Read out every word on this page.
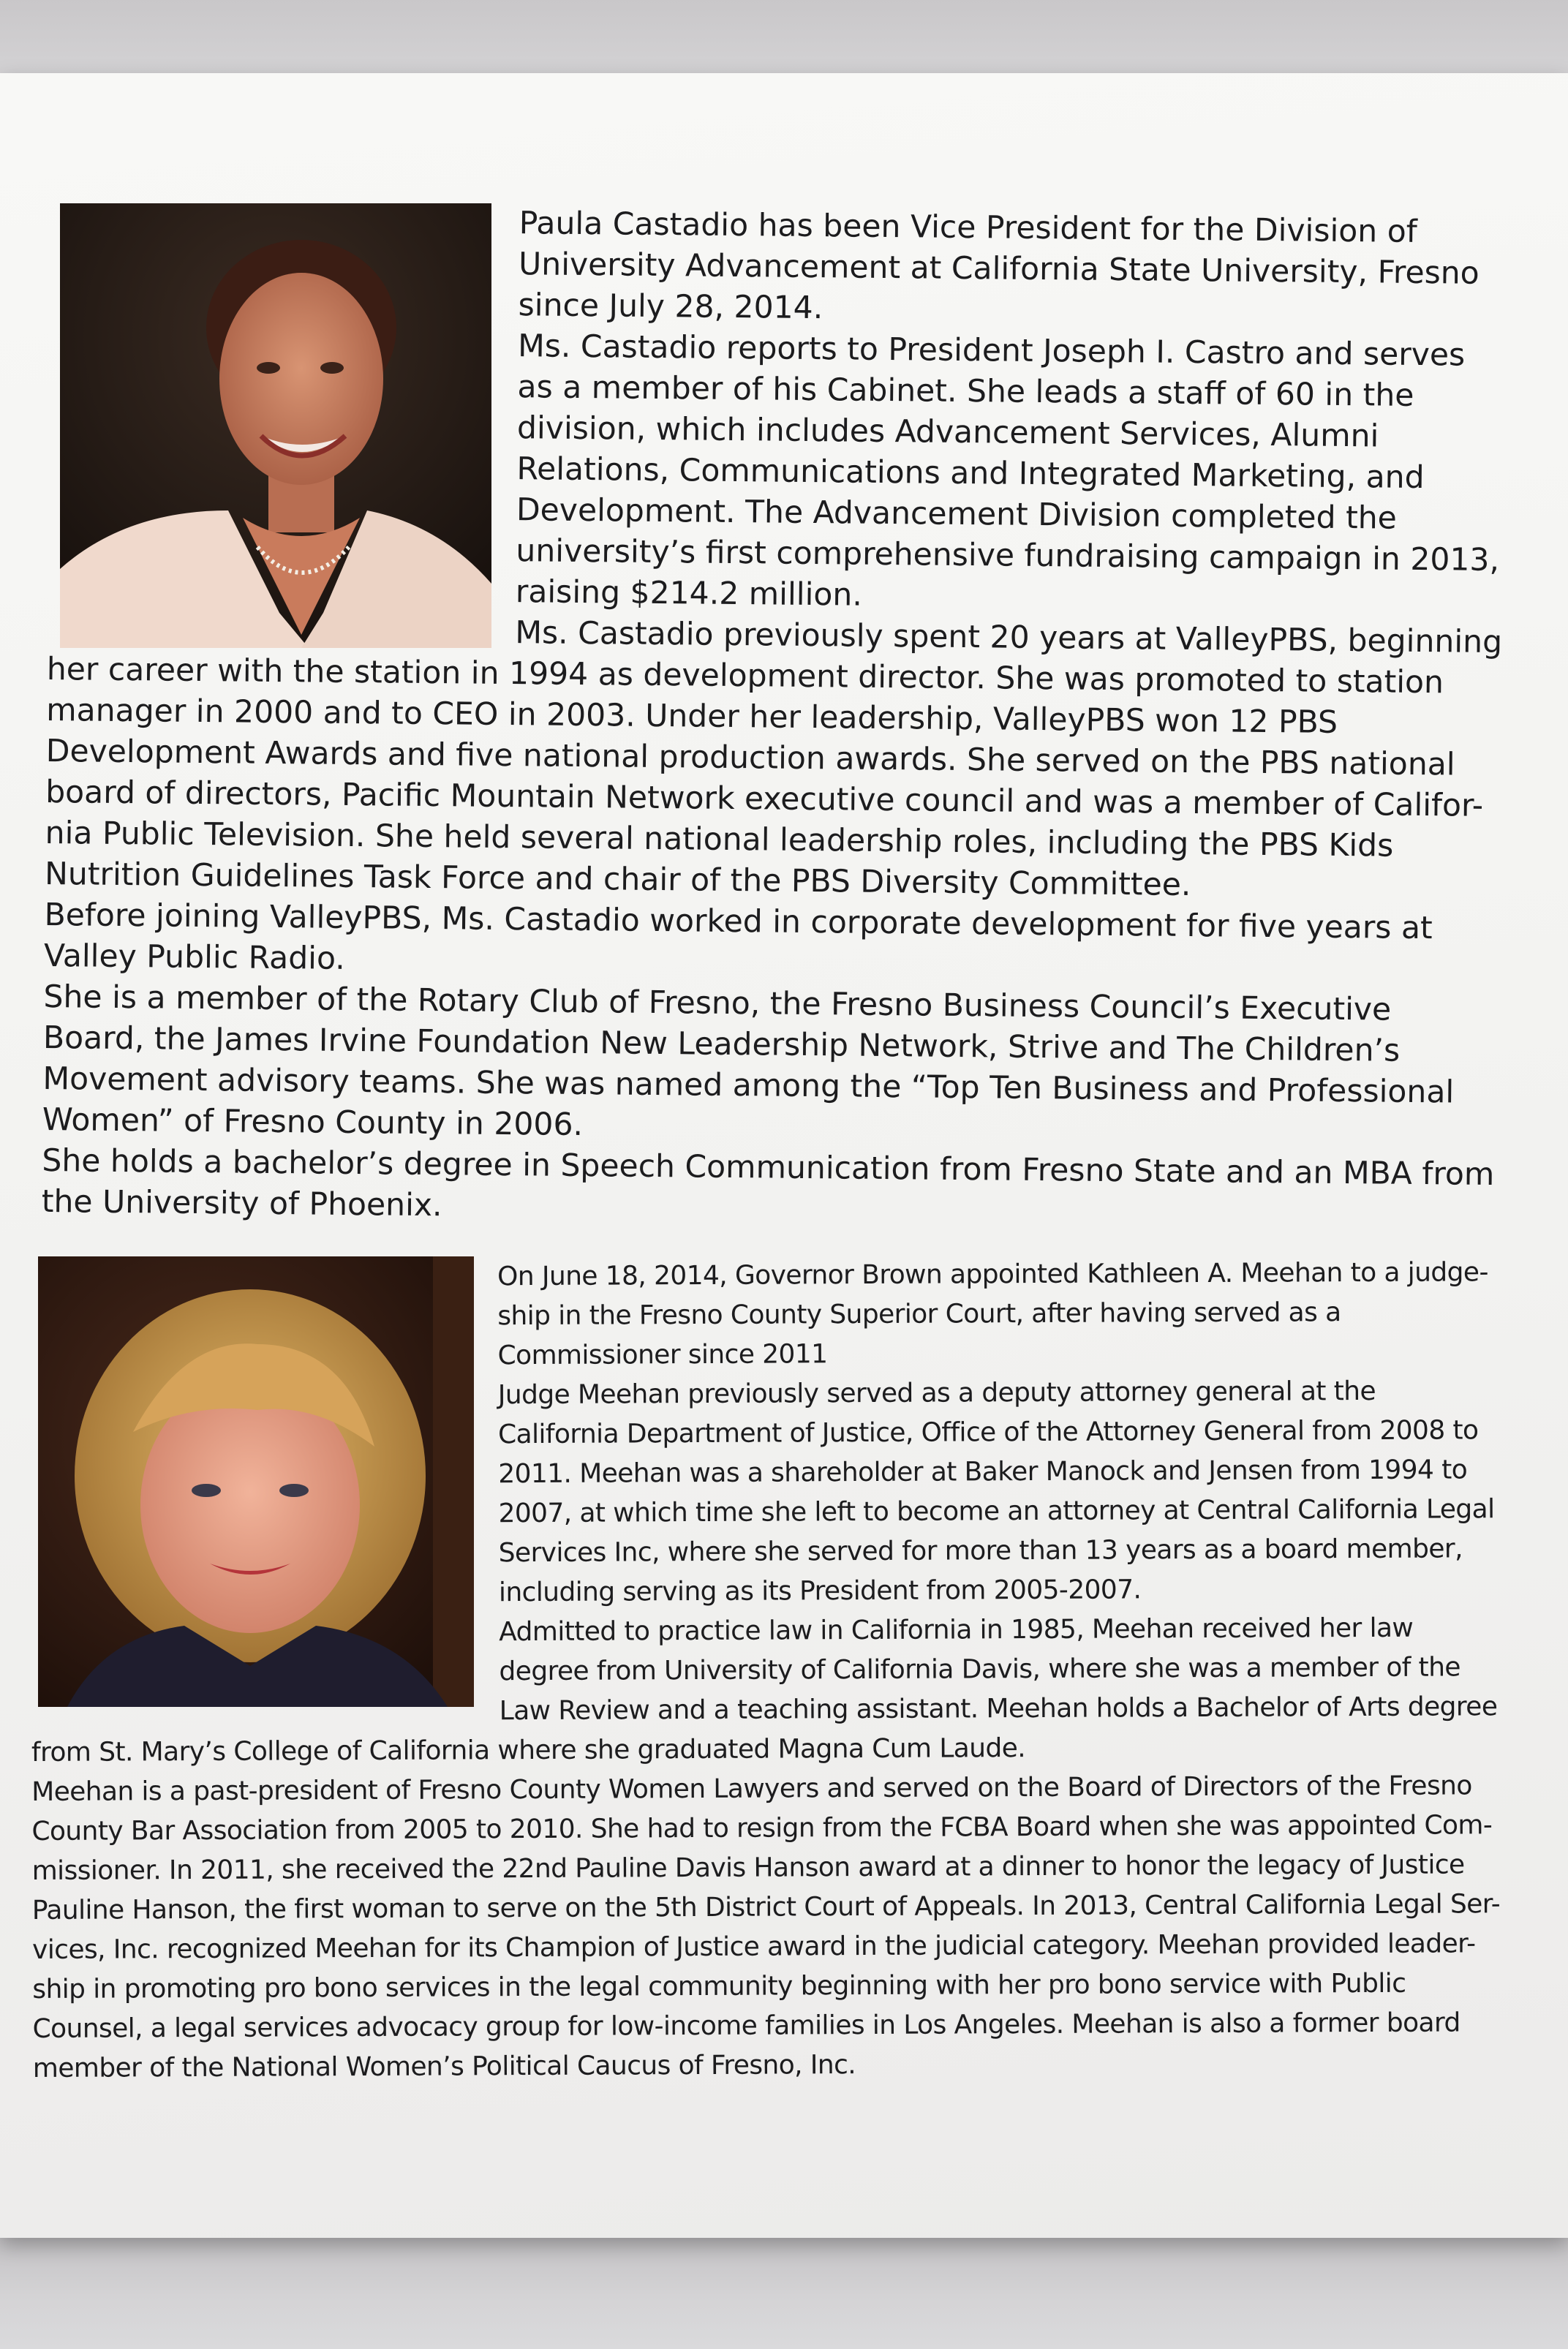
Paula Castadio has been Vice President for the Division of University Advancement at California State University, Fresno since July 28, 2014.

Ms. Castadio reports to President Joseph I. Castro and serves as a member of his Cabinet. She leads a staff of 60 in the division, which includes Advancement Services, Alumni Relations, Communications and Integrated Marketing, and Development. The Advancement Division completed the university’s first comprehensive fundraising campaign in 2013, raising $214.2 million.

Ms. Castadio previously spent 20 years at ValleyPBS, beginning her career with the station in 1994 as development director. She was promoted to station manager in 2000 and to CEO in 2003. Under her leadership, ValleyPBS won 12 PBS Development Awards and five national production awards. She served on the PBS national board of directors, Pacific Mountain Network executive council and was a member of Califor-nia Public Television. She held several national leadership roles, including the PBS Kids Nutrition Guidelines Task Force and chair of the PBS Diversity Committee.

Before joining ValleyPBS, Ms. Castadio worked in corporate development for five years at Valley Public Radio.

She is a member of the Rotary Club of Fresno, the Fresno Business Council’s Executive Board, the James Irvine Foundation New Leadership Network, Strive and The Children’s Movement advisory teams. She was named among the “Top Ten Business and Professional Women” of Fresno County in 2006.

She holds a bachelor’s degree in Speech Communication from Fresno State and an MBA from the University of Phoenix.

On June 18, 2014, Governor Brown appointed Kathleen A. Meehan to a judge-ship in the Fresno County Superior Court, after having served as a Commissioner since 2011

Judge Meehan previously served as a deputy attorney general at the California Department of Justice, Office of the Attorney General from 2008 to 2011. Meehan was a shareholder at Baker Manock and Jensen from 1994 to 2007, at which time she left to become an attorney at Central California Legal Services Inc, where she served for more than 13 years as a board member, including serving as its President from 2005-2007.

Admitted to practice law in California in 1985, Meehan received her law degree from University of California Davis, where she was a member of the Law Review and a teaching assistant. Meehan holds a Bachelor of Arts degree from St. Mary’s College of California where she graduated Magna Cum Laude.

Meehan is a past-president of Fresno County Women Lawyers and served on the Board of Directors of the Fresno County Bar Association from 2005 to 2010. She had to resign from the FCBA Board when she was appointed Com-missioner. In 2011, she received the 22nd Pauline Davis Hanson award at a dinner to honor the legacy of Justice Pauline Hanson, the first woman to serve on the 5th District Court of Appeals. In 2013, Central California Legal Ser-vices, Inc. recognized Meehan for its Champion of Justice award in the judicial category. Meehan provided leader-ship in promoting pro bono services in the legal community beginning with her pro bono service with Public Counsel, a legal services advocacy group for low-income families in Los Angeles. Meehan is also a former board member of the National Women’s Political Caucus of Fresno, Inc.
